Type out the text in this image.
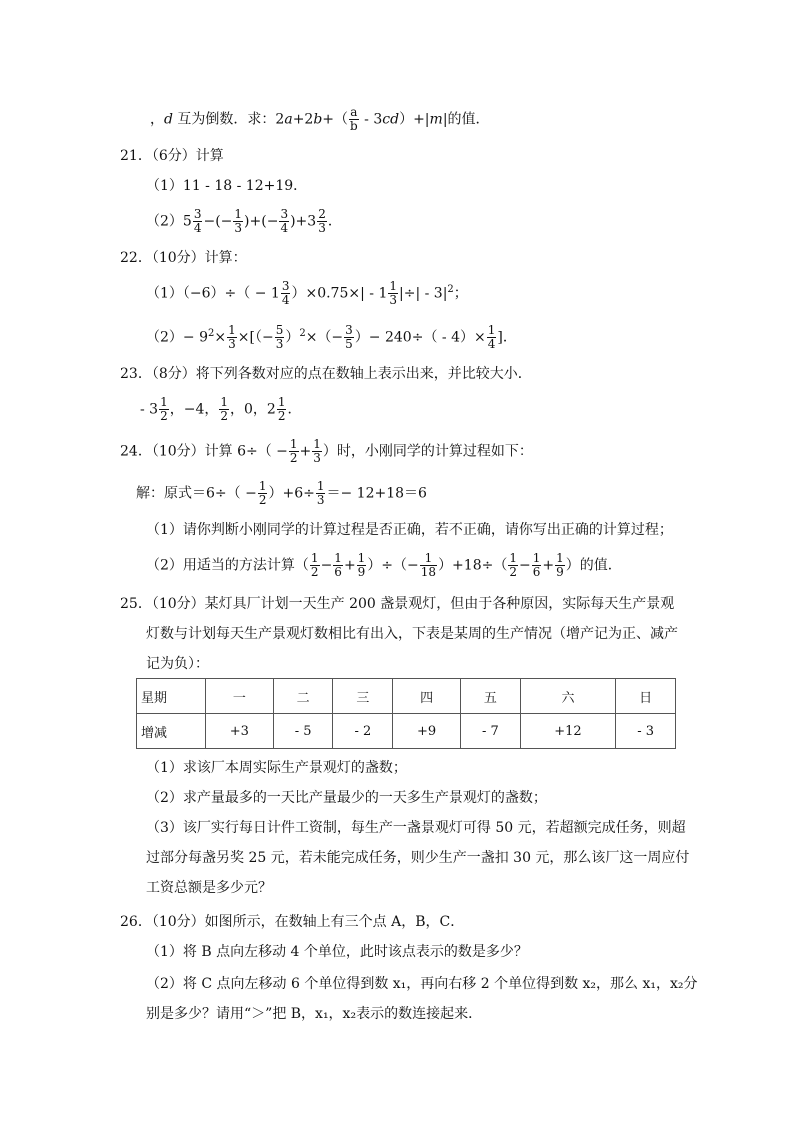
，d 互为倒数．求：$2a+2b+( \frac{a}{b} - 3cd)+|m|$的值．
21．（6分）计算
（1）11 - 18 - 12+19．
$(2)5 \frac{3}{4}$ −(− $\frac{1}{3}$ )+(− $\frac{3}{4} )+3 \frac{2}{3}$ ．
22．（10分）计算：
$(1)(-6)\div( - 1 \frac{3}{4} )\times 0.75\times| - 1 \frac{1}{3}$ |÷| - $3|^2$；
$(2)- 9^2\times \frac{1}{3}$ ×[（− $\frac{5}{3} )^2\times(- \frac{3}{5}$ ）− $240\div( - 4)\times \frac{1}{4}$ ]．
23．（8分）将下列各数对应的点在数轴上表示出来，并比较大小．
- $3 \frac{1}{2}$ ，−4， $\frac{1}{2}$ ，0，$2 \frac{1}{2}$ ．
24．（10分）计算 $6\div( - \frac{1}{2} + \frac{1}{3}$ ）时，小刚同学的计算过程如下：
解：原式$=6\div( - \frac{1}{2} )+6\div \frac{1}{3} =- 12+18=6$
（1）请你判断小刚同学的计算过程是否正确，若不正确，请你写出正确的计算过程；
（2）用适当的方法计算（ $\frac{1}{2} - \frac{1}{6} + \frac{1}{9}$ ）÷（− $\frac{1}{18} )+18\div( \frac{1}{2} - \frac{1}{6} + \frac{1}{9}$ ）的值．
25．（10分）某灯具厂计划一天生产 200 盏景观灯，但由于各种原因，实际每天生产景观
灯数与计划每天生产景观灯数相比有出入，下表是某周的生产情况（增产记为正、减产
记为负）：
星期	一	二	三	四	五	六	日
增减	+3	- 5	- 2	+9	- 7	+12	- 3
（1）求该厂本周实际生产景观灯的盏数；
（2）求产量最多的一天比产量最少的一天多生产景观灯的盏数；
（3）该厂实行每日计件工资制，每生产一盏景观灯可得 50 元，若超额完成任务，则超
过部分每盏另奖 25 元，若未能完成任务，则少生产一盏扣 30 元，那么该厂这一周应付
工资总额是多少元？
26．（10分）如图所示，在数轴上有三个点 A，B，C．
（1）将 B 点向左移动 4 个单位，此时该点表示的数是多少？
（2）将 C 点向左移动 6 个单位得到数 x₁，再向右移 2 个单位得到数 x₂，那么 x₁，x₂分
别是多少？请用“＞”把 B，x₁，x₂表示的数连接起来．
